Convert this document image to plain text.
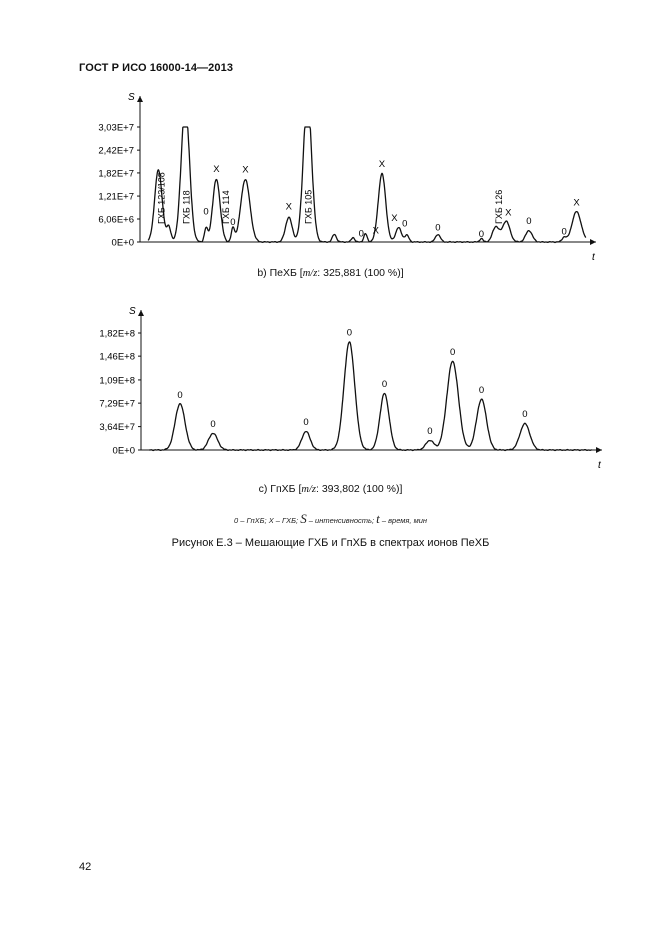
ГОСТ Р ИСО 16000-14—2013
S
t
3,03E+7
2,42E+7
1,82E+7
1,21E+7
6,06E+6
0E+0
X X
X
X
X 0
X
0
0
0
X
0
0
X
0
0
ГХБ 123/108 ГХБ 118	ГХБ 114	ГХБ 105	ГХБ 126
b) ПеХБ [m/z: 325,881 (100 %)]
S
t
1,82E+8
1,46E+8
1,09E+8
7,29E+7
3,64E+7
0E+0
0
0	0
0
0
0
0
0
0
c) ГпХБ [m/z: 393,802 (100 %)]
0 – ГпХБ; X – ГХБ; S – интенсивность; t – время, мин
Рисунок Е.3 – Мешающие ГХБ и ГпХБ в спектрах ионов ПеХБ
42
